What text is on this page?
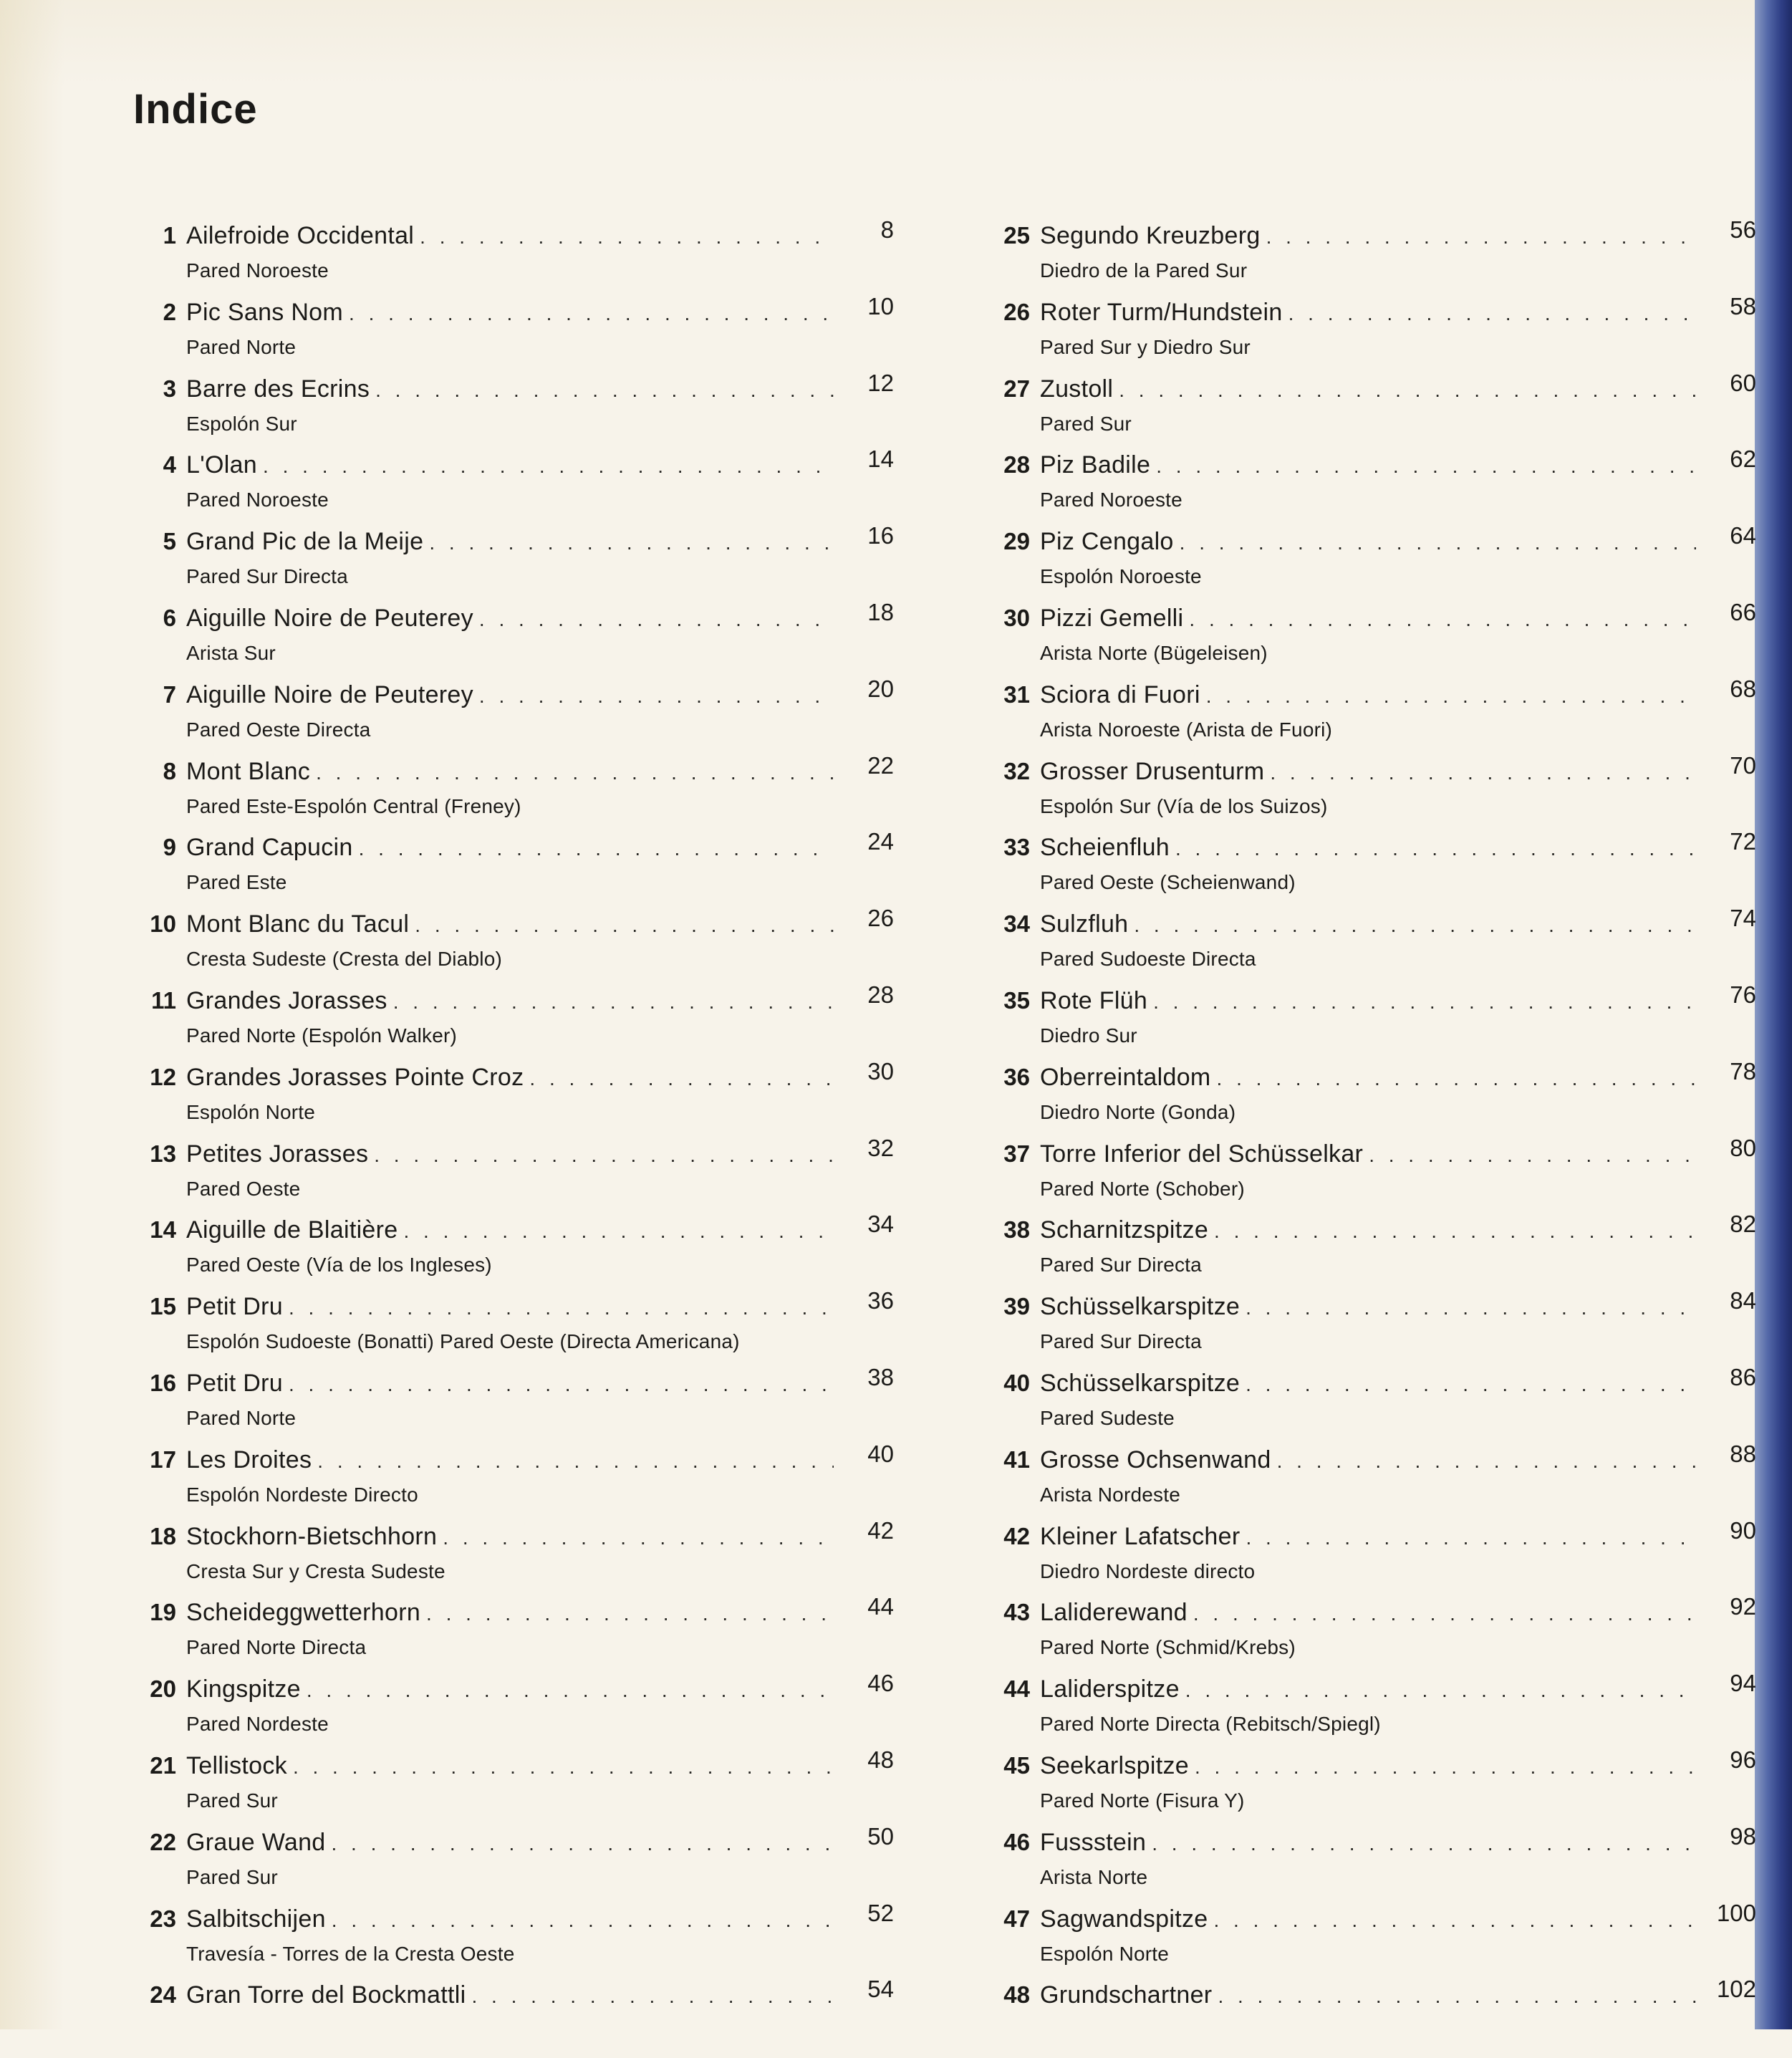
Indice
1 Ailefroide Occidental . . .	8
Pared Noroeste
2 Pic Sans Nom . . .	10
Pared Norte
3 Barre des Ecrins . . .	12
Espolón Sur
4 L'Olan . . .	14
Pared Noroeste
5 Grand Pic de la Meije . . .	16
Pared Sur Directa
6 Aiguille Noire de Peuterey . . .	18
Arista Sur
7 Aiguille Noire de Peuterey . . .	20
Pared Oeste Directa
8 Mont Blanc . . .	22
Pared Este-Espolón Central (Freney)
9 Grand Capucin . . .	24
Pared Este
10 Mont Blanc du Tacul . . .	26
Cresta Sudeste (Cresta del Diablo)
11 Grandes Jorasses . . .	28
Pared Norte (Espolón Walker)
12 Grandes Jorasses Pointe Croz . . .	30
Espolón Norte
13 Petites Jorasses . . .	32
Pared Oeste
14 Aiguille de Blaitière . . .	34
Pared Oeste (Vía de los Ingleses)
15 Petit Dru . . .	36
Espolón Sudoeste (Bonatti) Pared Oeste (Directa Americana)
16 Petit Dru . . .	38
Pared Norte
17 Les Droites . . .	40
Espolón Nordeste Directo
18 Stockhorn-Bietschhorn . . .	42
Cresta Sur y Cresta Sudeste
19 Scheideggwetterhorn . . .	44
Pared Norte Directa
20 Kingspitze . . .	46
Pared Nordeste
21 Tellistock . . .	48
Pared Sur
22 Graue Wand . . .	50
Pared Sur
23 Salbitschijen . . .	52
Travesía - Torres de la Cresta Oeste
24 Gran Torre del Bockmattli . . .	54
25 Segundo Kreuzberg . . .	56
Diedro de la Pared Sur
26 Roter Turm/Hundstein . . .	58
Pared Sur y Diedro Sur
27 Zustoll . . .	60
Pared Sur
28 Piz Badile . . .	62
Pared Noroeste
29 Piz Cengalo . . .	64
Espolón Noroeste
30 Pizzi Gemelli . . .	66
Arista Norte (Bügeleisen)
31 Sciora di Fuori . . .	68
Arista Noroeste (Arista de Fuori)
32 Grosser Drusenturm . . .	70
Espolón Sur (Vía de los Suizos)
33 Scheienfluh . . .	72
Pared Oeste (Scheienwand)
34 Sulzfluh . . .	74
Pared Sudoeste Directa
35 Rote Flüh . . .	76
Diedro Sur
36 Oberreintaldom . . .	78
Diedro Norte (Gonda)
37 Torre Inferior del Schüsselkar . . .	80
Pared Norte (Schober)
38 Scharnitzspitze . . .	82
Pared Sur Directa
39 Schüsselkarspitze . . .	84
Pared Sur Directa
40 Schüsselkarspitze . . .	86
Pared Sudeste
41 Grosse Ochsenwand . . .	88
Arista Nordeste
42 Kleiner Lafatscher . . .	90
Diedro Nordeste directo
43 Laliderewand . . .	92
Pared Norte (Schmid/Krebs)
44 Laliderspitze . . .	94
Pared Norte Directa (Rebitsch/Spiegl)
45 Seekarlspitze . . .	96
Pared Norte (Fisura Y)
46 Fussstein . . .	98
Arista Norte
47 Sagwandspitze . . .	100
Espolón Norte
48 Grundschartner . . .	102
